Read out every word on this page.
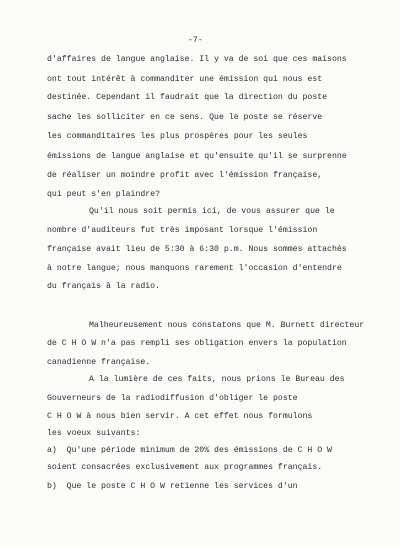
-7-
d'affaires de langue anglaise. Il y va de soi que ces maisons
ont tout intérêt à commanditer une émission qui nous est
destinée. Cependant il faudrait que la direction du poste
sache les solliciter en ce sens. Que le poste se réserve
les commanditaires les plus prospères pour les seules
émissions de langue anglaise et qu'ensuite qu'il se surprenne
de réaliser un moindre profit avec l'émission française,
qui peut s'en plaindre?
Qu'il nous soit permis ici, de vous assurer que le
nombre d'auditeurs fut très imposant lorsque l'émission
française avait lieu de 5:30 à 6:30 p.m. Nous sommes attachés
à notre langue; nous manquons rarement l'occasion d'entendre
du français à la radio.
Malheureusement nous constatons que M. Burnett directeur
de C H O W n'a pas rempli ses obligation envers la population
canadienne française.
A la lumière de ces faits, nous prions le Bureau des
Gouverneurs de la radiodiffusion d'obliger le poste
C H O W à nous bien servir. A cet effet nous formulons
les voeux suivants:
a)  Qu'une période minimum de 20% des émissions de C H O W
soient consacrées exclusivement aux programmes français.
b)  Que le poste C H O W retienne les services d'un
